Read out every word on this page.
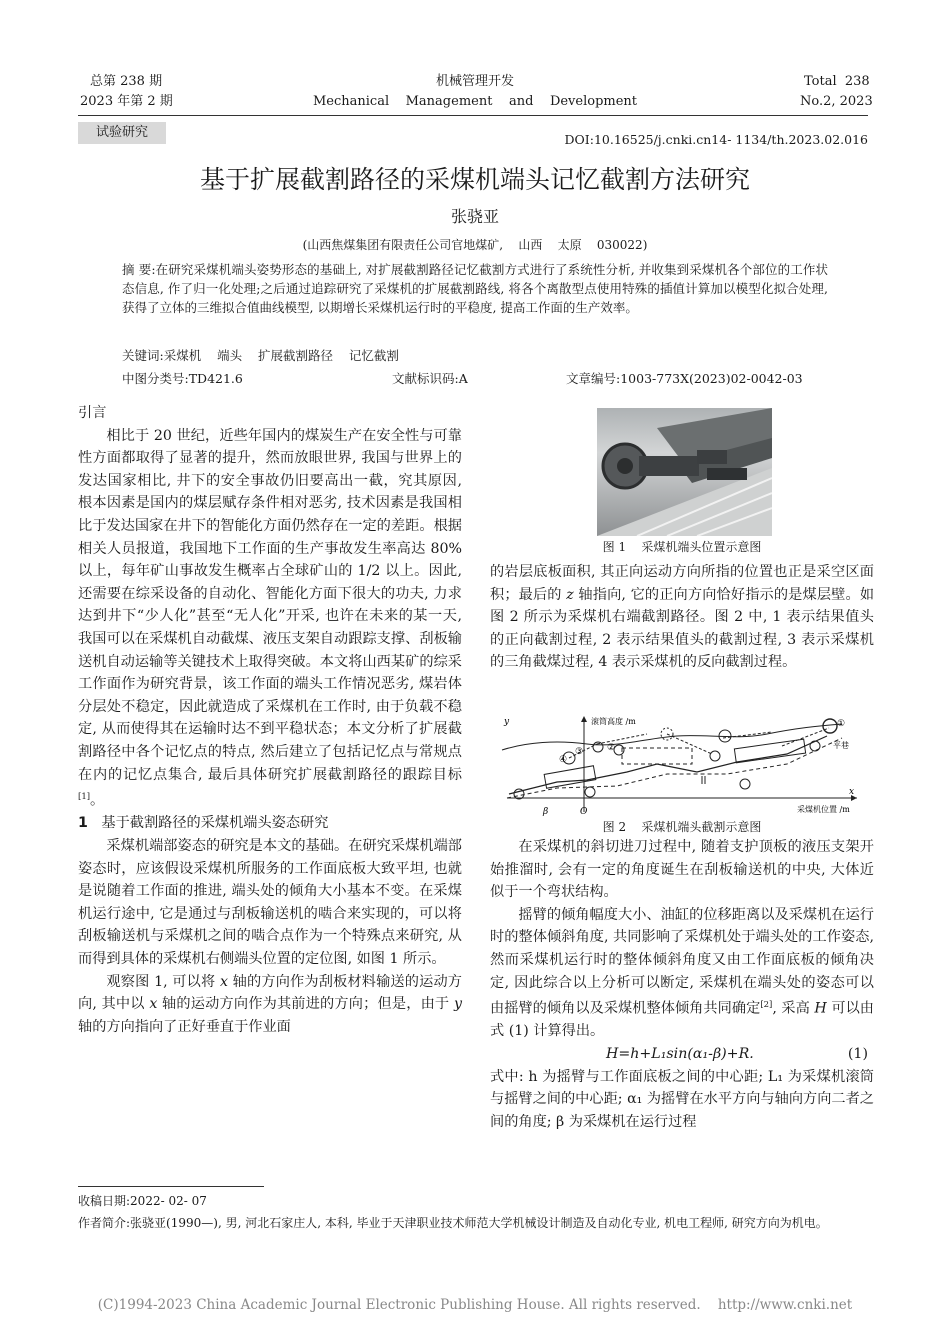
总第 238 期
2023 年第 2 期
机械管理开发
Mechanical    Management    and    Development
Total  238
No.2, 2023
试验研究	DOI:10.16525/j.cnki.cn14- 1134/th.2023.02.016
基于扩展截割路径的采煤机端头记忆截割方法研究
张骁亚
(山西焦煤集团有限责任公司官地煤矿,    山西    太原    030022)
摘 要:在研究采煤机端头姿势形态的基础上, 对扩展截割路径记忆截割方式进行了系统性分析, 并收集到采煤机各个部位的工作状态信息, 作了归一化处理;之后通过追踪研究了采煤机的扩展截割路线, 将各个离散型点使用特殊的插值计算加以模型化拟合处理, 获得了立体的三维拟合值曲线模型, 以期增长采煤机运行时的平稳度, 提高工作面的生产效率。
关键词:采煤机    端头    扩展截割路径    记忆截割
中图分类号:TD421.6	文献标识码:A	文章编号:1003-773X(2023)02-0042-03

引言

相比于 20 世纪，近些年国内的煤炭生产在安全性与可靠性方面都取得了显著的提升，然而放眼世界, 我国与世界上的发达国家相比, 井下的安全事故仍旧要高出一截，究其原因, 根本因素是国内的煤层赋存条件相对恶劣, 技术因素是我国相比于发达国家在井下的智能化方面仍然存在一定的差距。根据相关人员报道，我国地下工作面的生产事故发生率高达 80%以上，每年矿山事故发生概率占全球矿山的 1/2 以上。因此, 还需要在综采设备的自动化、智能化方面下很大的功夫, 力求达到井下“少人化”甚至“无人化”开采, 也许在未来的某一天, 我国可以在采煤机自动截煤、液压支架自动跟踪支撑、刮板输送机自动运输等关键技术上取得突破。本文将山西某矿的综采工作面作为研究背景，该工作面的端头工作情况恶劣, 煤岩体分层处不稳定，因此就造成了采煤机在工作时, 由于负载不稳定, 从而使得其在运输时达不到平稳状态；本文分析了扩展截割路径中各个记忆点的特点, 然后建立了包括记忆点与常规点在内的记忆点集合, 最后具体研究扩展截割路径的跟踪目标[1]。

1 基于截割路径的采煤机端头姿态研究

采煤机端部姿态的研究是本文的基础。在研究采煤机端部姿态时，应该假设采煤机所服务的工作面底板大致平坦, 也就是说随着工作面的推进, 端头处的倾角大小基本不变。在采煤机运行途中, 它是通过与刮板输送机的啮合来实现的，可以将刮板输送机与采煤机之间的啮合点作为一个特殊点来研究, 从而得到具体的采煤机右侧端头位置的定位图, 如图 1 所示。

观察图 1, 可以将 x 轴的方向作为刮板材料输送的运动方向, 其中以 x 轴的运动方向作为其前进的方向；但是，由于 y 轴的方向指向了正好垂直于作业面

图 1    采煤机端头位置示意图

的岩层底板面积, 其正向运动方向所指的位置也正是采空区面积；最后的 z 轴指向, 它的正向方向恰好指示的是煤层壁。如图 2 所示为采煤机右端截割路径。图 2 中, 1 表示结果值头的正向截割过程, 2 表示结果值头的截割过程, 3 表示采煤机的三角截煤过程, 4 表示采煤机的反向截割过程。

y	滚筒高度 /m
x
采煤机位置 /m
O
β
平巷
④
②
③
①
图 2    采煤机端头截割示意图

在采煤机的斜切进刀过程中, 随着支护顶板的液压支架开始推溜时, 会有一定的角度诞生在刮板输送机的中央, 大体近似于一个弯状结构。

摇臂的倾角幅度大小、油缸的位移距离以及采煤机在运行时的整体倾斜角度, 共同影响了采煤机处于端头处的工作姿态, 然而采煤机运行时的整体倾斜角度又由工作面底板的倾角决定, 因此综合以上分析可以断定, 采煤机在端头处的姿态可以由摇臂的倾角以及采煤机整体倾角共同确定[2], 采高 H 可以由式 (1) 计算得出。

H=h+L₁sin(α₁-β)+R.	(1)

式中: h 为摇臂与工作面底板之间的中心距; L₁ 为采煤机滚筒与摇臂之间的中心距; α₁ 为摇臂在水平方向与轴向方向二者之间的角度; β 为采煤机在运行过程

收稿日期:2022- 02- 07
作者简介:张骁亚(1990—), 男, 河北石家庄人, 本科, 毕业于天津职业技术师范大学机械设计制造及自动化专业, 机电工程师, 研究方向为机电。
(C)1994-2023 China Academic Journal Electronic Publishing House. All rights reserved.    http://www.cnki.net
